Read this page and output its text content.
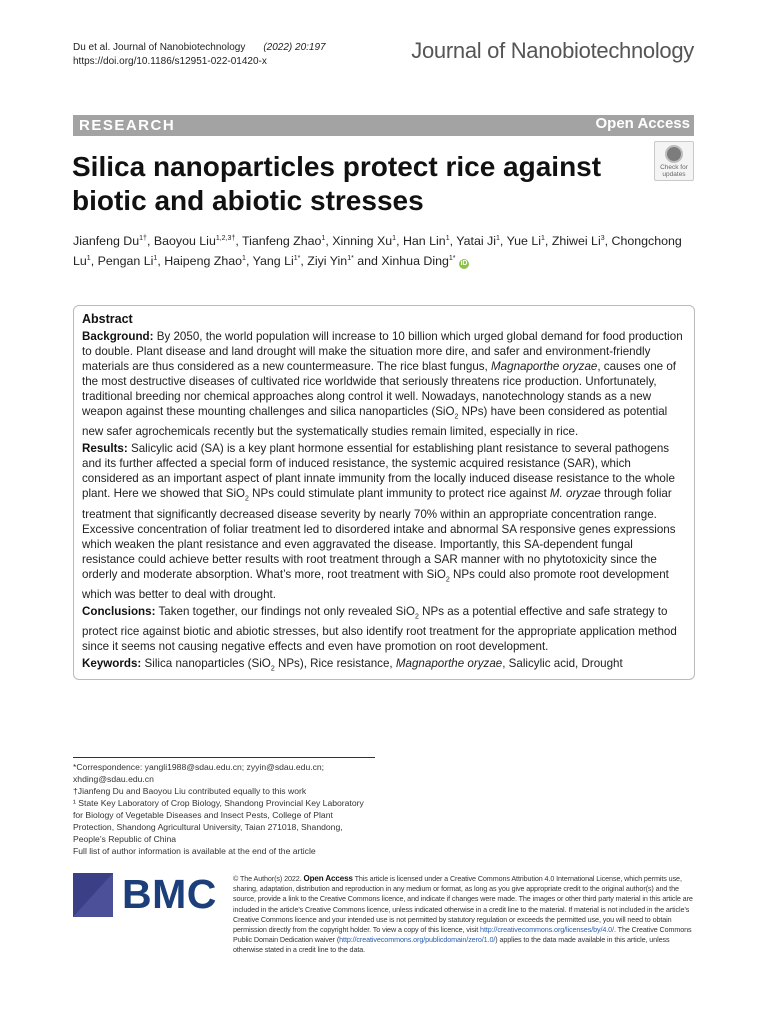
Du et al. Journal of Nanobiotechnology (2022) 20:197
https://doi.org/10.1186/s12951-022-01420-x	Journal of Nanobiotechnology
RESEARCH	Open Access
Check for updates
Silica nanoparticles protect rice against biotic and abiotic stresses
Jianfeng $Du^{1\dagger}$, Baoyou Liu$^{1,2,3\dagger}$, Tianfeng Zhao$^1$, Xinning Xu$^1$, Han Lin$^1$, Yatai Ji$^1$, Yue Li$^1$, Zhiwei Li$^3$, Chongchong Lu$^1$, Pengan Li$^1$, Haipeng Zhao$^1$, Yang $Li^{1*}$, Ziyi Yin$^{1*}$ and Xinhua Ding$^{1*}$ iD
Abstract

Background: By 2050, the world population will increase to 10 billion which urged global demand for food production to double. Plant disease and land drought will make the situation more dire, and safer and environment-friendly materials are thus considered as a new countermeasure. The rice blast fungus, Magnaporthe oryzae, causes one of the most destructive diseases of cultivated rice worldwide that seriously threatens rice production. Unfortunately, traditional breeding nor chemical approaches along control it well. Nowadays, nanotechnology stands as a new weapon against these mounting challenges and silica nanoparticles (SiO$_2$ NPs) have been considered as potential new safer agrochemicals recently but the systematically studies remain limited, especially in rice.

Results: Salicylic acid (SA) is a key plant hormone essential for establishing plant resistance to several pathogens and its further affected a special form of induced resistance, the systemic acquired resistance (SAR), which considered as an important aspect of plant innate immunity from the locally induced disease resistance to the whole plant. Here we showed that SiO$_2$ NPs could stimulate plant immunity to protect rice against M. oryzae through foliar treatment that significantly decreased disease severity by nearly 70% within an appropriate concentration range. Excessive concentration of foliar treatment led to disordered intake and abnormal SA responsive genes expressions which weaken the plant resistance and even aggravated the disease. Importantly, this SA-dependent fungal resistance could achieve better results with root treatment through a SAR manner with no phytotoxicity since the orderly and moderate absorption. What’s more, root treatment with SiO$_2$ NPs could also promote root development which was better to deal with drought.

Conclusions: Taken together, our findings not only revealed SiO$_2$ NPs as a potential effective and safe strategy to protect rice against biotic and abiotic stresses, but also identify root treatment for the appropriate application method since it seems not causing negative effects and even have promotion on root development.

Keywords: Silica nanoparticles (SiO$_2$ NPs), Rice resistance, Magnaporthe oryzae, Salicylic acid, Drought

*Correspondence: yangli1988@sdau.edu.cn; zyyin@sdau.edu.cn; xhding@sdau.edu.cn
†Jianfeng Du and Baoyou Liu contributed equally to this work
¹ State Key Laboratory of Crop Biology, Shandong Provincial Key Laboratory for Biology of Vegetable Diseases and Insect Pests, College of Plant Protection, Shandong Agricultural University, Taian 271018, Shandong, People’s Republic of China
Full list of author information is available at the end of the article
BMC © The Author(s) 2022. Open Access This article is licensed under a Creative Commons Attribution 4.0 International License, which permits use, sharing, adaptation, distribution and reproduction in any medium or format, as long as you give appropriate credit to the original author(s) and the source, provide a link to the Creative Commons licence, and indicate if changes were made. The images or other third party material in this article are included in the article’s Creative Commons licence, unless indicated otherwise in a credit line to the material. If material is not included in the article’s Creative Commons licence and your intended use is not permitted by statutory regulation or exceeds the permitted use, you will need to obtain permission directly from the copyright holder. To view a copy of this licence, visit http://creativecommons.org/licenses/by/4.0/. The Creative Commons Public Domain Dedication waiver (http://creativecommons.org/publicdomain/zero/1.0/) applies to the data made available in this article, unless otherwise stated in a credit line to the data.
